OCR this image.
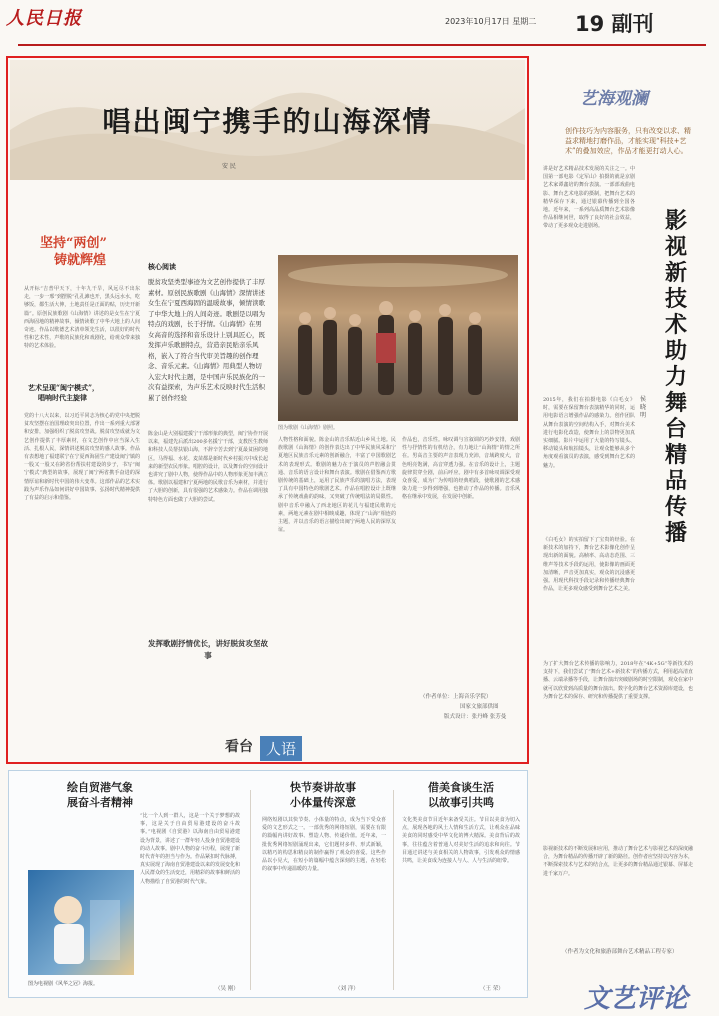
人民日报	2023年10月17日 星期二 19 副刊
唱出闽宁携手的山海深情
安 民
艺海观澜
创作技巧为内容服务，只有改变以求、精益求精地打磨作品，才能实现“科技+艺术”的叠加效应，作品才能更打动人心。
坚持“两创”
铸就辉煌
从开标“吉普甲天下，十年九干旱，风远尽不出东走，一步一邢”到摆脱“孔孔滩也开，黑头远水水，吃够饭，都生活大伸，土地责任是正面的贴，历史开新篇”。原创民族歌剧《山海情》讲述的是女生在宁夏西海固地的精神故事，倾情读歌了中华大地上的人间奇迹。作品以歌德艺术清单领先生活，以很好的时代性和艺术性，声歌的民族化和戏剧化，给观众带来独特的艺术体验。
艺术呈现“闽宁模式”，
唱响时代主旋律
党的十八大以来，以习近平同志为核心的党中央把脱贫攻坚摆在治国理政突出位置，作出一系列重大部署和安排，加强组织了脱贫攻坚战。脱贫攻坚成就为文艺创作提供了丰厚素材，在文艺创作中应当深入生活、扎根人民，深情讲述脱贫攻坚的感人故事。作品有表想地了福建联宁在宁夏西海固生产建设闽宁镇的一股又一股又在跨省份帮扶村建设的步子，书写“闽宁模式”典型的故事，展现了闽宁两省携手奋进的深情厚谊和新时代中国的伟大变革。这部作品的艺术实践为声乐作品如何讲好中国故事、弘扬时代精神提供了有益的启示和借鉴。
核心阅读
脱贫攻坚类型事迹为文艺创作提供了丰厚素材。原创民族歌剧《山海情》深情讲述女生在宁夏西海固的温暖故事，倾情读歌了中华大地上的人间奇迹。歌剧是以唱为特点的戏剧，长于抒情。《山海情》在男女高音的选择和音乐设计上别具匠心，既发挥声乐歌剧特点，营造亲民贴亲乐风格，嵌入了符合当代审美旨趣的创作理念、音乐元素。《山海情》用典型人物切入宏大时代主题，是中国声乐民族化的一次有益探索，为声乐艺术反映时代生活积累了创作经验
陈金山是大别福建援宁干部形象的典型，闽宁协作开展以来，福建先后派出200多名援宁干部，支教医生教师和科技人员帮扶银山海，不辞辛苦去到宁夏最贫困的地区。马得福、水花、麦苗都是新时代乡村振兴中成长起来的新型农民形象。唱腔的设计，以及舞台的空间设计也讲究了剧中人物，使得作品中的人物形象更加丰满立体。歌剧以福建和宁夏两地的民歌音乐为素材，并进行了大胆的创新，具有很强的艺术感染力。作品在调用独特特色方面也做了大胆的尝试。
发挥歌剧抒情优长，讲好脱贫攻坚故事
图为歌剧《山海情》剧照。
人物性格和面貌。陈金山的音乐贴近山乡风土地。民族歌剧《山海情》的创作表达出了中华民族风采和宁夏地区民族音乐元素的创新融合，丰富了中国歌剧艺术的表现形式。歌剧的魅力在于演员的声腔融会贯通、音乐的语言设计和舞台表演。歌剧在借鉴西方歌剧传统的基础上，运用了民族声乐的演唱方法，表现了具有中国特色的歌剧艺术。作品在唱腔设计上既继承了传统戏曲的韵味，又突破了传统唱法的局限性。剧中音乐中融入了西北地区的花儿与福建民歌的元素，两地元素在剧中相映成趣，体现了“山海”相连的主题，并以音乐的语言描绘出闽宁两地人民的深厚友谊。
作品也，音乐性。咏叹调与宣叙调的巧妙安排，戏剧性与抒情性的有机结合，有力地让“山海情”的情之所在。男高音主要的声音表现力充沛，音域跨度大，音色明亮饱满，高音穿透力强。在音乐的设计上，主题旋律贯穿全剧，前后呼应。剧中有多首咏叹调深受观众喜爱，成为广为传唱的经典唱段，使歌剧的艺术感染力进一步得到增强，也推动了作品的传播。音乐风格在继承中发展，在发展中创新。
（作者单位：上海音乐学院）
国家文旅部供图
版式设计：张丹峰 张芳曼
讲是好艺术精品技术发展的关注之一。中国第一部电影《定军山》拍摄的就是京剧艺术家谭鑫培的舞台表演。一部部戏曲电影、舞台艺术电影的摄制，把舞台艺术的精华保存下来，通过银幕传播到全国各地。近年来，一系列高品质舞台艺术影像作品相继问世，取得了良好的社会效益，带动了更多观众走进剧场。
2015年，我们在拍摄电影《白毛女》时，需要在保留舞台表演精华的同时，运用电影语言增强作品的感染力。创作团队从舞台表演的空间结构入手，对舞台美术进行电影化改造，使舞台上的景物更加真实细腻。影片中运用了大量的特写镜头、移动镜头和航拍镜头，让观众能够从多个角度观看演员的表演，感受到舞台艺术的魅力。
《白毛女》的实拍留下了宝贵的经验。在新技术的加持下，舞台艺术影像化创作呈现出新的面貌。高帧率、高动态范围、三维声等技术手段的运用，使影像的画面更加清晰，声音更加真实，观众的沉浸感更强。用现代科技手段记录和传播经典舞台作品，让更多观众感受到舞台艺术之美。
为了扩大舞台艺术传播的影响力，2018年在“4K+5G”等新技术的支持下，我们尝试了“舞台艺术+新技术”的传播方式，利用超高清直播、云端录播等手段，让舞台演出突破剧场的时空限制，观众在家中就可以欣赏到高质量的舞台演出。数字化的舞台艺术资源库建设，也为舞台艺术的保存、研究和传播提供了重要支撑。
影视新技术的不断发展和应用，推动了舞台艺术与影视艺术的深度融合，为舞台精品的传播开辟了新的路径。创作者应坚持以内容为本，不断探索技术与艺术的结合点，让更多的舞台精品通过银幕、屏幕走进千家万户。
（作者为文化和旅游部舞台艺术精品工程专家）
影视新技术助力舞台精品传播
侯晓明
看台 人语
绘自贸港气象
展奋斗者精神
“比一个人到一群人，这是一个关于梦想的故事，这是关于自由贸易港建设的奋斗故事。”电视剧《自贸港》以海南自由贸易港建设为背景，讲述了一群年轻人投身自贸港建设的动人故事。剧中人物的奋斗历程，展现了新时代青年的担当与作为。作品紧扣时代脉搏，真实展现了海南自贸港建设以来的发展变化和人民群众的生活变迁，用精彩的故事和鲜活的人物描绘了自贸港的时代气象。
图为电视剧《风华之冠》海报。
（吴 刚）
快节奏讲故事
小体量传深意
网络短剧以其快节奏、小体量的特点，成为当下受众喜爱的文艺形式之一。一部优秀的网络短剧，需要在有限的篇幅内讲好故事、塑造人物、传递价值。近年来，一批优秀网络短剧涌现出来，它们题材多样、形式新颖，以精巧的构思和精良的制作赢得了观众的喜爱。这些作品以小见大，在短小的篇幅中蕴含深刻的主题，在轻松的叙事中传递温暖的力量。
（刘 洋）
借美食谈生活
以故事引共鸣
文化类美食节目近年来备受关注。节目以美食为切入点，展现各地的风土人情和生活方式，让观众在品味美食的同时感受中华文化的博大精深。美食背后的故事，往往蕴含着普通人对美好生活的追求和向往。节目通过讲述与美食相关的人物故事，引发观众的情感共鸣，让美食成为连接人与人、人与生活的纽带。
（王 荣）	文艺评论
